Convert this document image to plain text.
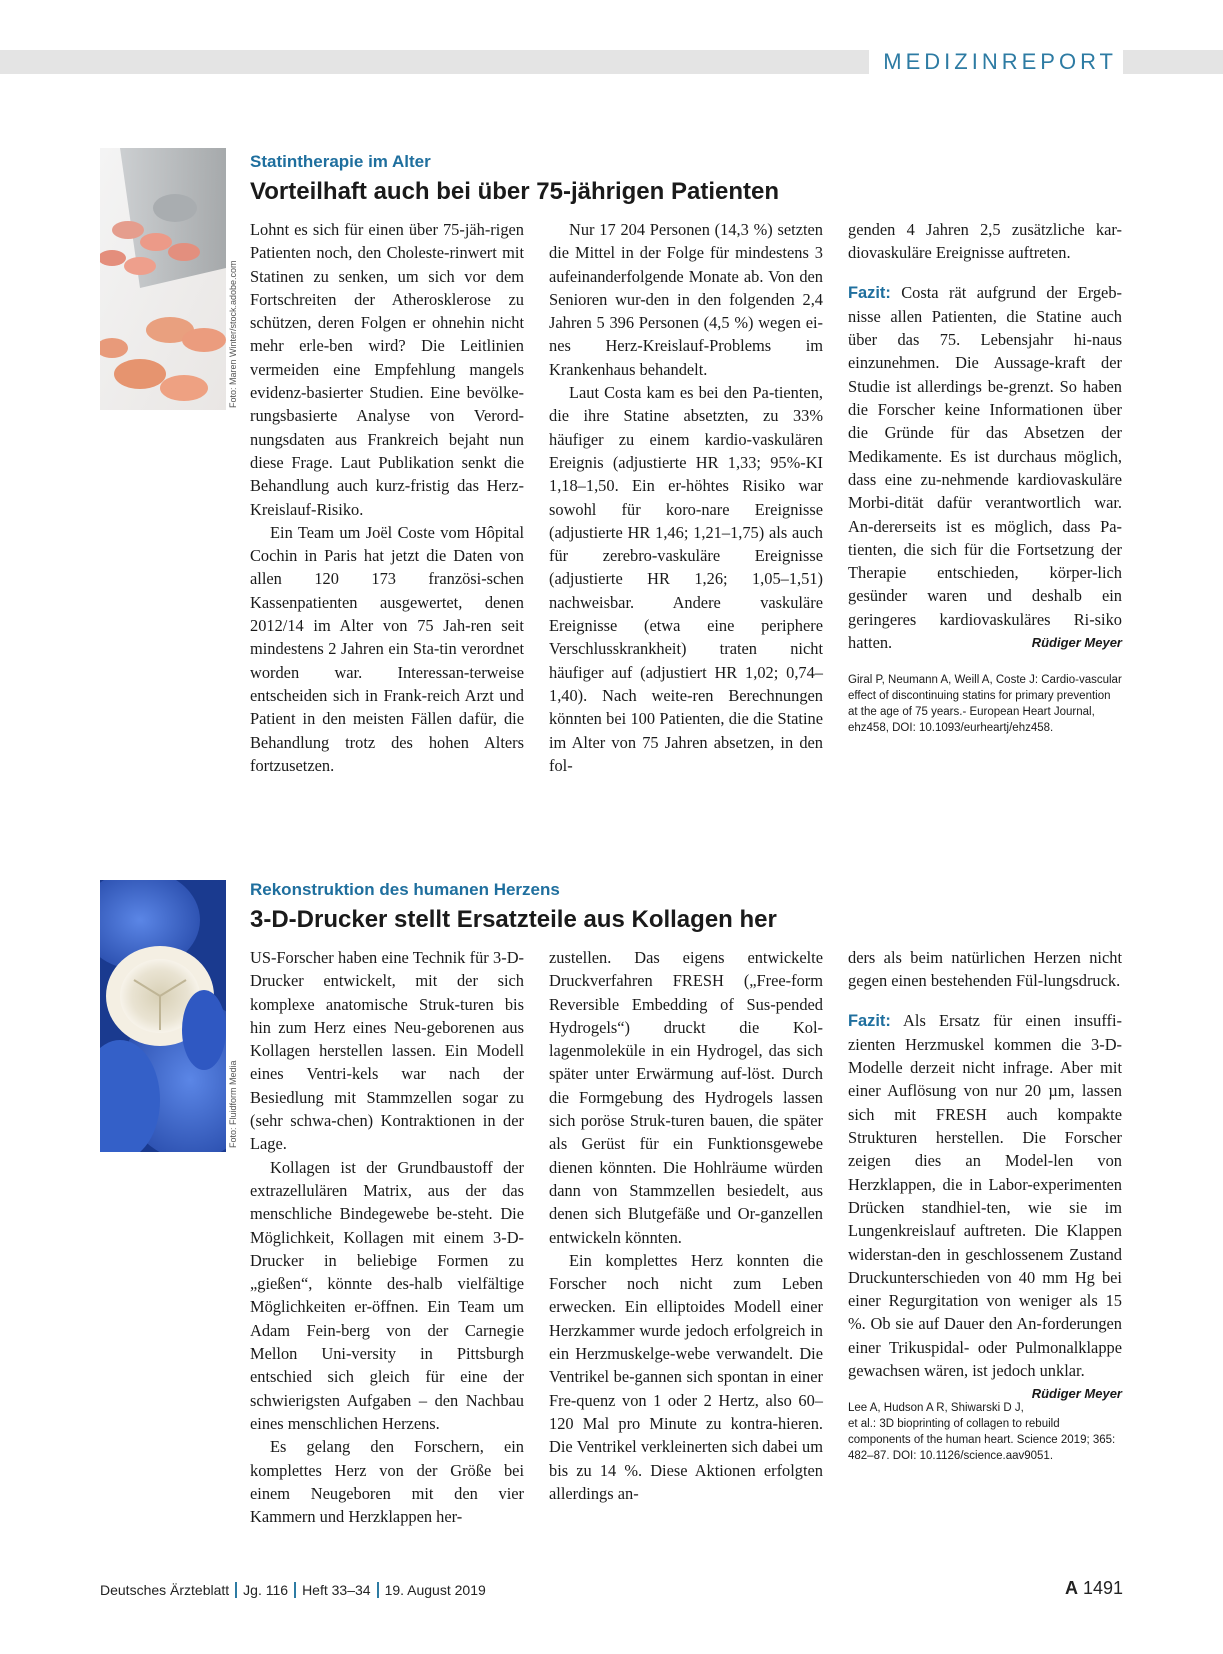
MEDIZINREPORT
Foto: Maren Winter/stock.adobe.com
Statintherapie im Alter
Vorteilhaft auch bei über 75-jährigen Patienten

Lohnt es sich für einen über 75-jäh-rigen Patienten noch, den Choleste-rinwert mit Statinen zu senken, um sich vor dem Fortschreiten der Atherosklerose zu schützen, deren Folgen er ohnehin nicht mehr erle-ben wird? Die Leitlinien vermeiden eine Empfehlung mangels evidenz-basierter Studien. Eine bevölke-rungsbasierte Analyse von Verord-nungsdaten aus Frankreich bejaht nun diese Frage. Laut Publikation senkt die Behandlung auch kurz-fristig das Herz-Kreislauf-Risiko.

Ein Team um Joël Coste vom Hôpital Cochin in Paris hat jetzt die Daten von allen 120 173 französi-schen Kassenpatienten ausgewertet, denen 2012/14 im Alter von 75 Jah-ren seit mindestens 2 Jahren ein Sta-tin verordnet worden war. Interessan-terweise entscheiden sich in Frank-reich Arzt und Patient in den meisten Fällen dafür, die Behandlung trotz des hohen Alters fortzusetzen.

Nur 17 204 Personen (14,3 %) setzten die Mittel in der Folge für mindestens 3 aufeinanderfolgende Monate ab. Von den Senioren wur-den in den folgenden 2,4 Jahren 5 396 Personen (4,5 %) wegen ei-nes Herz-Kreislauf-Problems im Krankenhaus behandelt.

Laut Costa kam es bei den Pa-tienten, die ihre Statine absetzten, zu 33% häufiger zu einem kardio-vaskulären Ereignis (adjustierte HR 1,33; 95%-KI 1,18–1,50. Ein er-höhtes Risiko war sowohl für koro-nare Ereignisse (adjustierte HR 1,46; 1,21–1,75) als auch für zerebro-vaskuläre Ereignisse (adjustierte HR 1,26; 1,05–1,51) nachweisbar. Andere vaskuläre Ereignisse (etwa eine periphere Verschlusskrankheit) traten nicht häufiger auf (adjustiert HR 1,02; 0,74– 1,40). Nach weite-ren Berechnungen könnten bei 100 Patienten, die die Statine im Alter von 75 Jahren absetzen, in den fol-

genden 4 Jahren 2,5 zusätzliche kar-diovaskuläre Ereignisse auftreten.

Fazit: Costa rät aufgrund der Ergeb-nisse allen Patienten, die Statine auch über das 75. Lebensjahr hi-naus einzunehmen. Die Aussage-kraft der Studie ist allerdings be-grenzt. So haben die Forscher keine Informationen über die Gründe für das Absetzen der Medikamente. Es ist durchaus möglich, dass eine zu-nehmende kardiovaskuläre Morbi-dität dafür verantwortlich war. An-dererseits ist es möglich, dass Pa-tienten, die sich für die Fortsetzung der Therapie entschieden, körper-lich gesünder waren und deshalb ein geringeres kardiovaskuläres Ri-siko hatten.	Rüdiger Meyer

Giral P, Neumann A, Weill A, Coste J: Cardio-vascular effect of discontinuing statins for primary prevention at the age of 75 years.- European Heart Journal, ehz458, DOI: 10.1093/eurheartj/ehz458.
Foto: Fluidform Media
Rekonstruktion des humanen Herzens
3-D-Drucker stellt Ersatzteile aus Kollagen her

US-Forscher haben eine Technik für 3-D-Drucker entwickelt, mit der sich komplexe anatomische Struk-turen bis hin zum Herz eines Neu-geborenen aus Kollagen herstellen lassen. Ein Modell eines Ventri-kels war nach der Besiedlung mit Stammzellen sogar zu (sehr schwa-chen) Kontraktionen in der Lage.

Kollagen ist der Grundbaustoff der extrazellulären Matrix, aus der das menschliche Bindegewebe be-steht. Die Möglichkeit, Kollagen mit einem 3-D-Drucker in beliebige Formen zu „gießen“, könnte des-halb vielfältige Möglichkeiten er-öffnen. Ein Team um Adam Fein-berg von der Carnegie Mellon Uni-versity in Pittsburgh entschied sich gleich für eine der schwierigsten Aufgaben – den Nachbau eines menschlichen Herzens.

Es gelang den Forschern, ein komplettes Herz von der Größe bei einem Neugeboren mit den vier Kammern und Herzklappen her-

zustellen. Das eigens entwickelte Druckverfahren FRESH („Free-form Reversible Embedding of Sus-pended Hydrogels“) druckt die Kol-lagenmoleküle in ein Hydrogel, das sich später unter Erwärmung auf-löst. Durch die Formgebung des Hydrogels lassen sich poröse Struk-turen bauen, die später als Gerüst für ein Funktionsgewebe dienen könnten. Die Hohlräume würden dann von Stammzellen besiedelt, aus denen sich Blutgefäße und Or-ganzellen entwickeln könnten.

Ein komplettes Herz konnten die Forscher noch nicht zum Leben erwecken. Ein elliptoides Modell einer Herzkammer wurde jedoch erfolgreich in ein Herzmuskelge-webe verwandelt. Die Ventrikel be-gannen sich spontan in einer Fre-quenz von 1 oder 2 Hertz, also 60–120 Mal pro Minute zu kontra-hieren. Die Ventrikel verkleinerten sich dabei um bis zu 14 %. Diese Aktionen erfolgten allerdings an-

ders als beim natürlichen Herzen nicht gegen einen bestehenden Fül-lungsdruck.

Fazit: Als Ersatz für einen insuffi-zienten Herzmuskel kommen die 3-D-Modelle derzeit nicht infrage. Aber mit einer Auflösung von nur 20 µm, lassen sich mit FRESH auch kompakte Strukturen herstellen. Die Forscher zeigen dies an Model-len von Herzklappen, die in Labor-experimenten Drücken standhiel-ten, wie sie im Lungenkreislauf auftreten. Die Klappen widerstan-den in geschlossenem Zustand Druckunterschieden von 40 mm Hg bei einer Regurgitation von weniger als 15 %. Ob sie auf Dauer den An-forderungen einer Trikuspidal- oder Pulmonalklappe gewachsen wären, ist jedoch unklar.
Rüdiger Meyer

Lee A, Hudson A R, Shiwarski D J, et al.: 3D bioprinting of collagen to rebuild components of the human heart. Science 2019; 365: 482–87. DOI: 10.1126/science.aav9051.
Deutsches Ärzteblatt Jg. 116 Heft 33–34 19. August 2019	A 1491
